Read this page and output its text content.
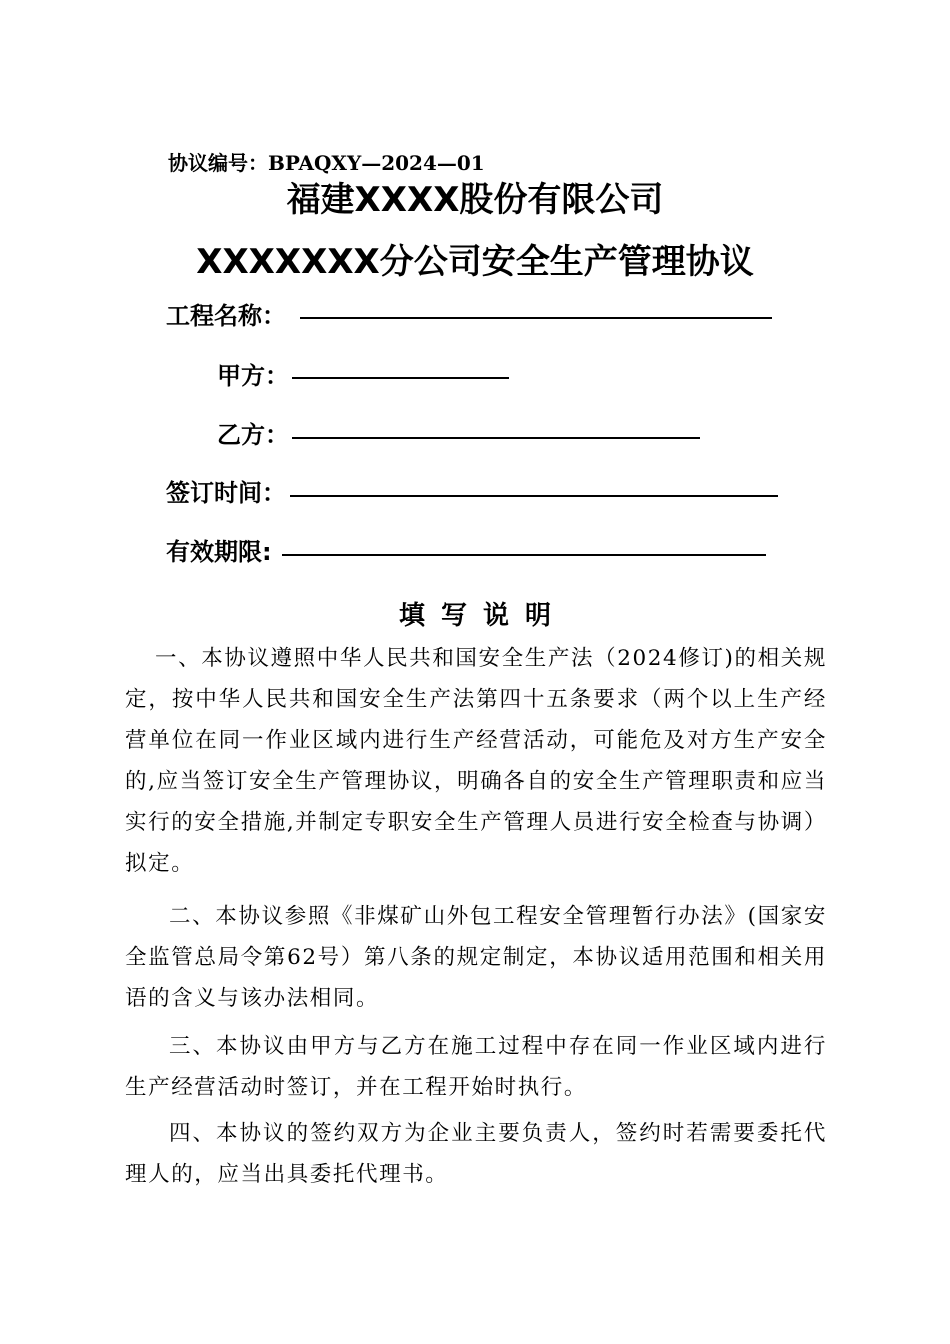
协议编号：BPAQXY—2024—01
福建XXXX股份有限公司
XXXXXXX分公司安全生产管理协议
工程名称：
甲方：
乙方：
签订时间：
有效期限:
填写说明
一、本协议遵照中华人民共和国安全生产法（2024修订)的相关规定，按中华人民共和国安全生产法第四十五条要求（两个以上生产经营单位在同一作业区域内进行生产经营活动，可能危及对方生产安全的,应当签订安全生产管理协议，明确各自的安全生产管理职责和应当实行的安全措施,并制定专职安全生产管理人员进行安全检查与协调）拟定。
二、本协议参照《非煤矿山外包工程安全管理暂行办法》(国家安全监管总局令第62号）第八条的规定制定，本协议适用范围和相关用语的含义与该办法相同。
三、本协议由甲方与乙方在施工过程中存在同一作业区域内进行生产经营活动时签订，并在工程开始时执行。
四、本协议的签约双方为企业主要负责人，签约时若需要委托代理人的，应当出具委托代理书。
